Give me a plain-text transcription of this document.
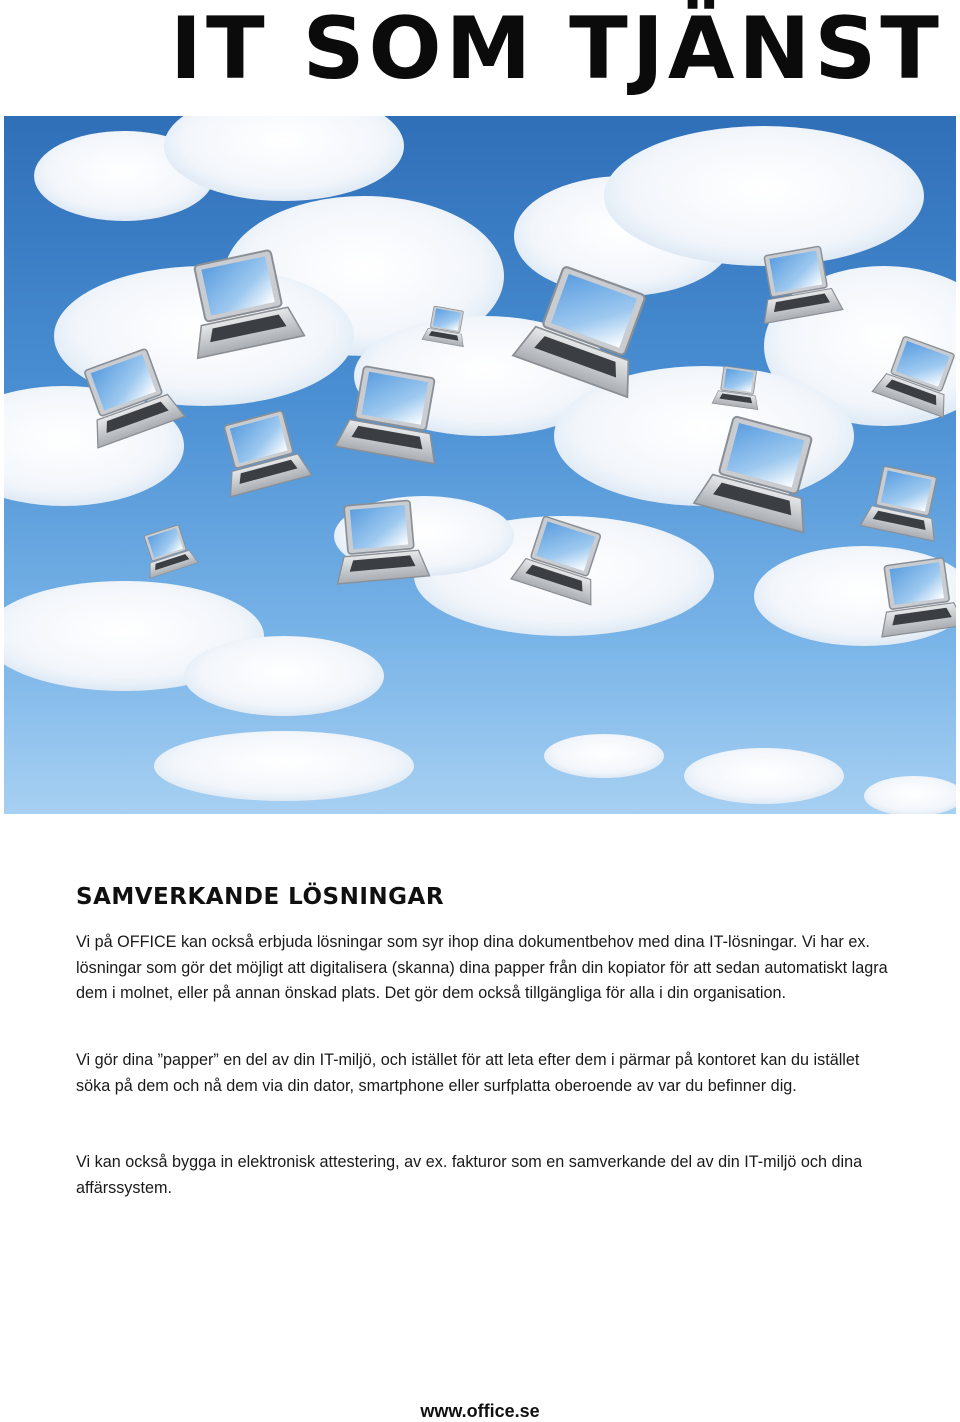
IT SOM TJÄNST
SAMVERKANDE LÖSNINGAR

Vi på OFFICE kan också erbjuda lösningar som syr ihop dina dokumentbehov med dina IT-lösningar. Vi har ex. lösningar som gör det möjligt att digitalisera (skanna) dina papper från din kopiator för att sedan automatiskt lagra dem i molnet, eller på annan önskad plats. Det gör dem också tillgängliga för alla i din organisation.

Vi gör dina ”papper” en del av din IT-miljö, och istället för att leta efter dem i pärmar på kontoret kan du istället söka på dem och nå dem via din dator, smartphone eller surfplatta oberoende av var du befinner dig.

Vi kan också bygga in elektronisk attestering, av ex. fakturor som en samverkande del av din IT-miljö och dina affärssystem.

www.office.se
